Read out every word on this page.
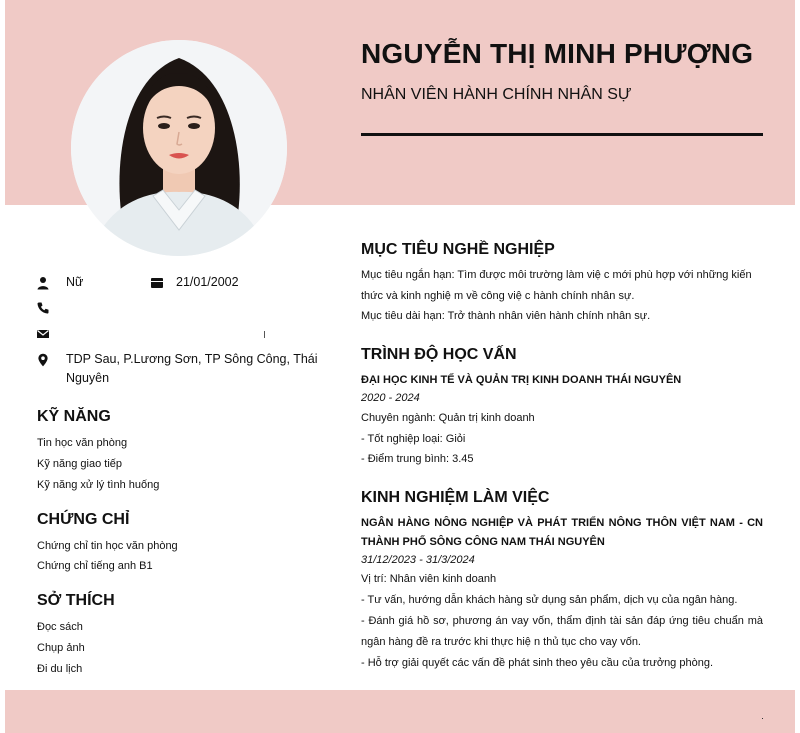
NGUYỄN THỊ MINH PHƯỢNG
NHÂN VIÊN HÀNH CHÍNH NHÂN SỰ
Nữ	21/01/2002
TDP Sau, P.Lương Sơn, TP Sông Công, Thái
Nguyên
KỸ NĂNG
Tin học văn phòng
Kỹ năng giao tiếp
Kỹ năng xử lý tình huống
CHỨNG CHỈ
Chứng chỉ tin học văn phòng
Chứng chỉ tiếng anh B1
SỞ THÍCH
Đọc sách
Chụp ảnh
Đi du lịch
MỤC TIÊU NGHỀ NGHIỆP
Mục tiêu ngắn hạn: Tìm được môi trường làm việ c mới phù hợp với những kiến
thức và kinh nghiệ m về công việ c hành chính nhân sự.
Mục tiêu dài hạn: Trở thành nhân viên hành chính nhân sự.
TRÌNH ĐỘ HỌC VẤN
ĐẠI HỌC KINH TẾ VÀ QUẢN TRỊ KINH DOANH THÁI NGUYÊN
2020 - 2024
Chuyên ngành: Quản trị kinh doanh
- Tốt nghiệp loại: Giỏi
- Điểm trung bình: 3.45
KINH NGHIỆM LÀM VIỆC
NGÂN HÀNG NÔNG NGHIỆP VÀ PHÁT TRIỂN NÔNG THÔN VIỆT NAM - CN
THÀNH PHỐ SÔNG CÔNG NAM THÁI NGUYÊN
31/12/2023 - 31/3/2024
Vị trí: Nhân viên kinh doanh
- Tư vấn, hướng dẫn khách hàng sử dụng sản phẩm, dịch vụ của ngân hàng.
- Đánh giá hồ sơ, phương án vay vốn, thẩm định tài sản đáp ứng tiêu chuẩn mà
ngân hàng đề ra trước khi thực hiệ n thủ tục cho vay vốn.
- Hỗ trợ giải quyết các vấn đề phát sinh theo yêu cầu của trưởng phòng.
